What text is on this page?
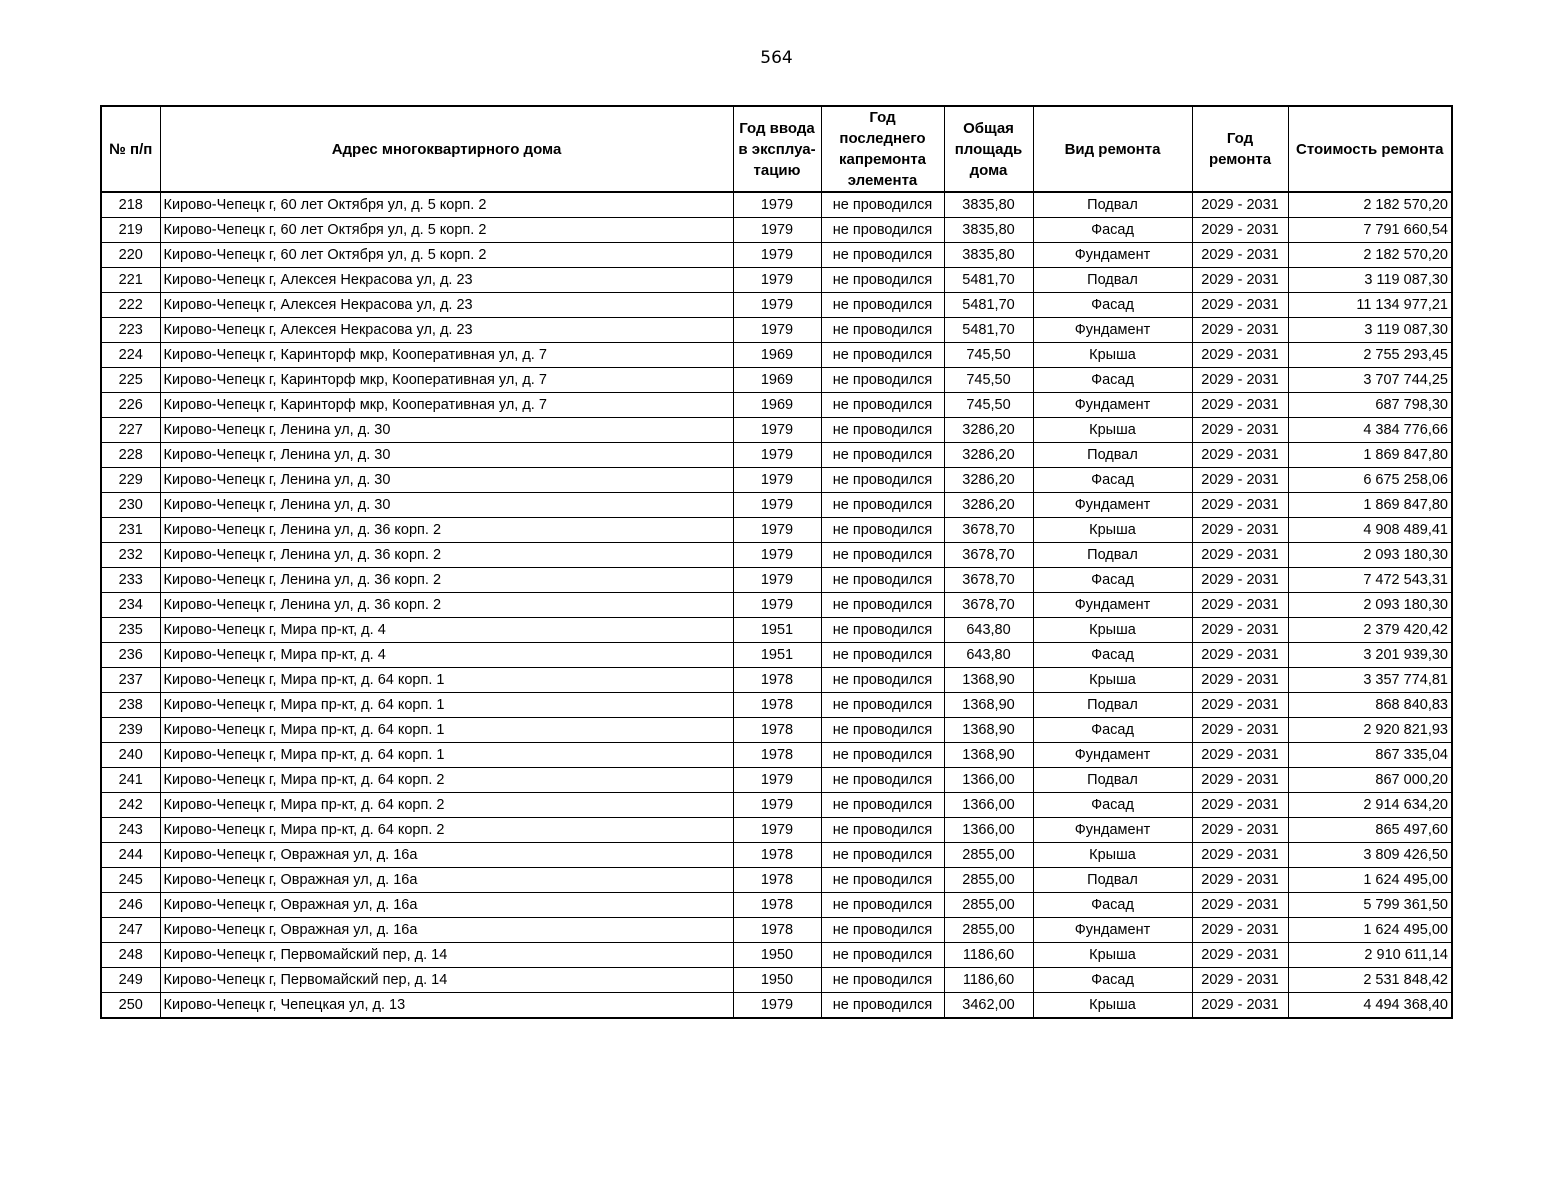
564
№ п/п	Адрес многоквартирного дома	Год ввода в эксплуа-тацию	Год последнего капремонта элемента	Общая площадь дома	Вид ремонта	Год ремонта	Стоимость ремонта
218	Кирово-Чепецк г, 60 лет Октября ул, д. 5 корп. 2	1979	не проводился	3835,80	Подвал	2029 - 2031	2 182 570,20
219	Кирово-Чепецк г, 60 лет Октября ул, д. 5 корп. 2	1979	не проводился	3835,80	Фасад	2029 - 2031	7 791 660,54
220	Кирово-Чепецк г, 60 лет Октября ул, д. 5 корп. 2	1979	не проводился	3835,80	Фундамент	2029 - 2031	2 182 570,20
221	Кирово-Чепецк г, Алексея Некрасова ул, д. 23	1979	не проводился	5481,70	Подвал	2029 - 2031	3 119 087,30
222	Кирово-Чепецк г, Алексея Некрасова ул, д. 23	1979	не проводился	5481,70	Фасад	2029 - 2031	11 134 977,21
223	Кирово-Чепецк г, Алексея Некрасова ул, д. 23	1979	не проводился	5481,70	Фундамент	2029 - 2031	3 119 087,30
224	Кирово-Чепецк г, Каринторф мкр, Кооперативная ул, д. 7	1969	не проводился	745,50	Крыша	2029 - 2031	2 755 293,45
225	Кирово-Чепецк г, Каринторф мкр, Кооперативная ул, д. 7	1969	не проводился	745,50	Фасад	2029 - 2031	3 707 744,25
226	Кирово-Чепецк г, Каринторф мкр, Кооперативная ул, д. 7	1969	не проводился	745,50	Фундамент	2029 - 2031	687 798,30
227	Кирово-Чепецк г, Ленина ул, д. 30	1979	не проводился	3286,20	Крыша	2029 - 2031	4 384 776,66
228	Кирово-Чепецк г, Ленина ул, д. 30	1979	не проводился	3286,20	Подвал	2029 - 2031	1 869 847,80
229	Кирово-Чепецк г, Ленина ул, д. 30	1979	не проводился	3286,20	Фасад	2029 - 2031	6 675 258,06
230	Кирово-Чепецк г, Ленина ул, д. 30	1979	не проводился	3286,20	Фундамент	2029 - 2031	1 869 847,80
231	Кирово-Чепецк г, Ленина ул, д. 36 корп. 2	1979	не проводился	3678,70	Крыша	2029 - 2031	4 908 489,41
232	Кирово-Чепецк г, Ленина ул, д. 36 корп. 2	1979	не проводился	3678,70	Подвал	2029 - 2031	2 093 180,30
233	Кирово-Чепецк г, Ленина ул, д. 36 корп. 2	1979	не проводился	3678,70	Фасад	2029 - 2031	7 472 543,31
234	Кирово-Чепецк г, Ленина ул, д. 36 корп. 2	1979	не проводился	3678,70	Фундамент	2029 - 2031	2 093 180,30
235	Кирово-Чепецк г, Мира пр-кт, д. 4	1951	не проводился	643,80	Крыша	2029 - 2031	2 379 420,42
236	Кирово-Чепецк г, Мира пр-кт, д. 4	1951	не проводился	643,80	Фасад	2029 - 2031	3 201 939,30
237	Кирово-Чепецк г, Мира пр-кт, д. 64 корп. 1	1978	не проводился	1368,90	Крыша	2029 - 2031	3 357 774,81
238	Кирово-Чепецк г, Мира пр-кт, д. 64 корп. 1	1978	не проводился	1368,90	Подвал	2029 - 2031	868 840,83
239	Кирово-Чепецк г, Мира пр-кт, д. 64 корп. 1	1978	не проводился	1368,90	Фасад	2029 - 2031	2 920 821,93
240	Кирово-Чепецк г, Мира пр-кт, д. 64 корп. 1	1978	не проводился	1368,90	Фундамент	2029 - 2031	867 335,04
241	Кирово-Чепецк г, Мира пр-кт, д. 64 корп. 2	1979	не проводился	1366,00	Подвал	2029 - 2031	867 000,20
242	Кирово-Чепецк г, Мира пр-кт, д. 64 корп. 2	1979	не проводился	1366,00	Фасад	2029 - 2031	2 914 634,20
243	Кирово-Чепецк г, Мира пр-кт, д. 64 корп. 2	1979	не проводился	1366,00	Фундамент	2029 - 2031	865 497,60
244	Кирово-Чепецк г, Овражная ул, д. 16а	1978	не проводился	2855,00	Крыша	2029 - 2031	3 809 426,50
245	Кирово-Чепецк г, Овражная ул, д. 16а	1978	не проводился	2855,00	Подвал	2029 - 2031	1 624 495,00
246	Кирово-Чепецк г, Овражная ул, д. 16а	1978	не проводился	2855,00	Фасад	2029 - 2031	5 799 361,50
247	Кирово-Чепецк г, Овражная ул, д. 16а	1978	не проводился	2855,00	Фундамент	2029 - 2031	1 624 495,00
248	Кирово-Чепецк г, Первомайский пер, д. 14	1950	не проводился	1186,60	Крыша	2029 - 2031	2 910 611,14
249	Кирово-Чепецк г, Первомайский пер, д. 14	1950	не проводился	1186,60	Фасад	2029 - 2031	2 531 848,42
250	Кирово-Чепецк г, Чепецкая ул, д. 13	1979	не проводился	3462,00	Крыша	2029 - 2031	4 494 368,40
